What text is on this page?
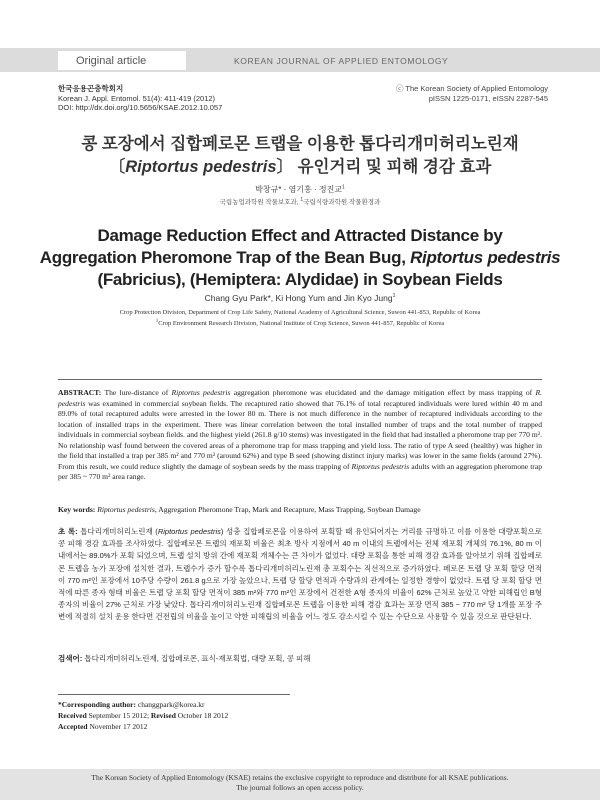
Original article	KOREAN JOURNAL OF APPLIED ENTOMOLOGY
한국응용곤충학회지
Korean J. Appl. Entomol. 51(4): 411-419 (2012)
DOI: http://dx.doi.org/10.5656/KSAE.2012.10.057
ⓒ The Korean Society of Applied Entomology
pISSN 1225-0171, eISSN 2287-545
콩 포장에서 집합페로몬 트랩을 이용한 톱다리개미허리노린재
〔Riptortus pedestris〕 유인거리 및 피해 경감 효과
박창규* · 염기홍 · 정진교$^1$
국립농업과학원 작물보호과, $^1$국립식량과학원 작물환경과
Damage Reduction Effect and Attracted Distance by
Aggregation Pheromone Trap of the Bean Bug, Riptortus pedestris
(Fabricius), (Hemiptera: Alydidae) in Soybean Fields
Chang Gyu Park*, Ki Hong Yum and Jin Kyo Jung$^1$
Crop Protection Division, Department of Crop Life Safety, National Academy of Agricultural Science, Suwon 441-853, Republic of Korea
$^1$Crop Environment Research Division, National Institute of Crop Science, Suwon 441-857, Republic of Korea
ABSTRACT: The lure-distance of Riptortus pedestris aggregation pheromone was elucidated and the damage mitigation effect by mass trapping of R. pedestris was examined in commercial soybean fields. The recaptured ratio showed that 76.1% of total recaptured individuals were lured within 40 m and 89.0% of total recaptured adults were arrested in the lower 80 m. There is not much difference in the number of recaptured individuals according to the location of installed traps in the experiment. There was linear correlation between the total installed number of traps and the total number of trapped individuals in commercial soybean fields. and the highest yield (261.8 g/10 stems) was investigated in the field that had installed a pheromone trap per 770 m². No relationship wasf found between the covered areas of a pheromone trap for mass trapping and yield loss. The ratio of type A seed (healthy) was higher in the field that installed a trap per 385 m² and 770 m² (around 62%) and type B seed (showing distinct injury marks) was lower in the same fields (around 27%). From this result, we could reduce slightly the damage of soybean seeds by the mass trapping of Riptortus pedestris adults with an aggregation pheromone trap per 385 ~ 770 m² area range.
Key words: Riptortus pedestris, Aggregation Pheromone Trap, Mark and Recapture, Mass Trapping, Soybean Damage
초 록: 톱다리개미허리노린재 (Riptortus pedestris) 성충 집합페로몬을 이용하여 포획할 때 유인되어지는 거리를 규명하고 이를 이용한 대량포획으로 콩 피해 경감 효과를 조사하였다. 집합페로몬 트랩의 재포획 비율은 최초 방사 지점에서 40 m 이내의 트랩에서는 전체 재포획 개체의 76.1%, 80 m 이내에서는 89.0%가 포획 되었으며, 트랩 설치 방위 간에 재포획 개체수는 큰 차이가 없었다. 대량 포획을 통한 피해 경감 효과를 알아보기 위해 집합페로몬 트랩을 농가 포장에 설치한 결과, 트랩수가 증가 할수록 톱다리개미허리노린재 총 포획수는 직선적으로 증가하였다. 페로몬 트랩 당 포획 할당 면적이 770 m²인 포장에서 10주당 수량이 261.8 g으로 가장 높았으나, 트랩 당 할당 면적과 수량과의 관계에는 일정한 경향이 없었다. 트랩 당 포획 할당 면적에 따른 종자 형태 비율은 트랩 당 포획 할당 면적이 385 m²와 770 m²인 포장에서 건전한 A형 종자의 비율이 62% 근처로 높았고 약한 피해립인 B형 종자의 비율이 27% 근처로 가장 낮았다. 톱다리개미허리노린재 집합페로몬 트랩을 이용한 피해 경감 효과는 포장 면적 385 ~ 770 m² 당 1개를 포장 주변에 적절히 설치 운용 한다면 건전립의 비율을 높이고 약한 피해립의 비율을 어느 정도 감소시킬 수 있는 수단으로 사용할 수 있을 것으로 판단된다.
검색어: 톱다리개미허리노린재, 집합페로몬, 표식-재포획법, 대량 포획, 콩 피해
*Corresponding author: changgpark@korea.kr
Received September 15 2012; Revised October 18 2012
Accepted November 17 2012
The Korean Society of Applied Entomology (KSAE) retains the exclusive copyright to reproduce and distribute for all KSAE publications.
The journal follows an open access policy.
